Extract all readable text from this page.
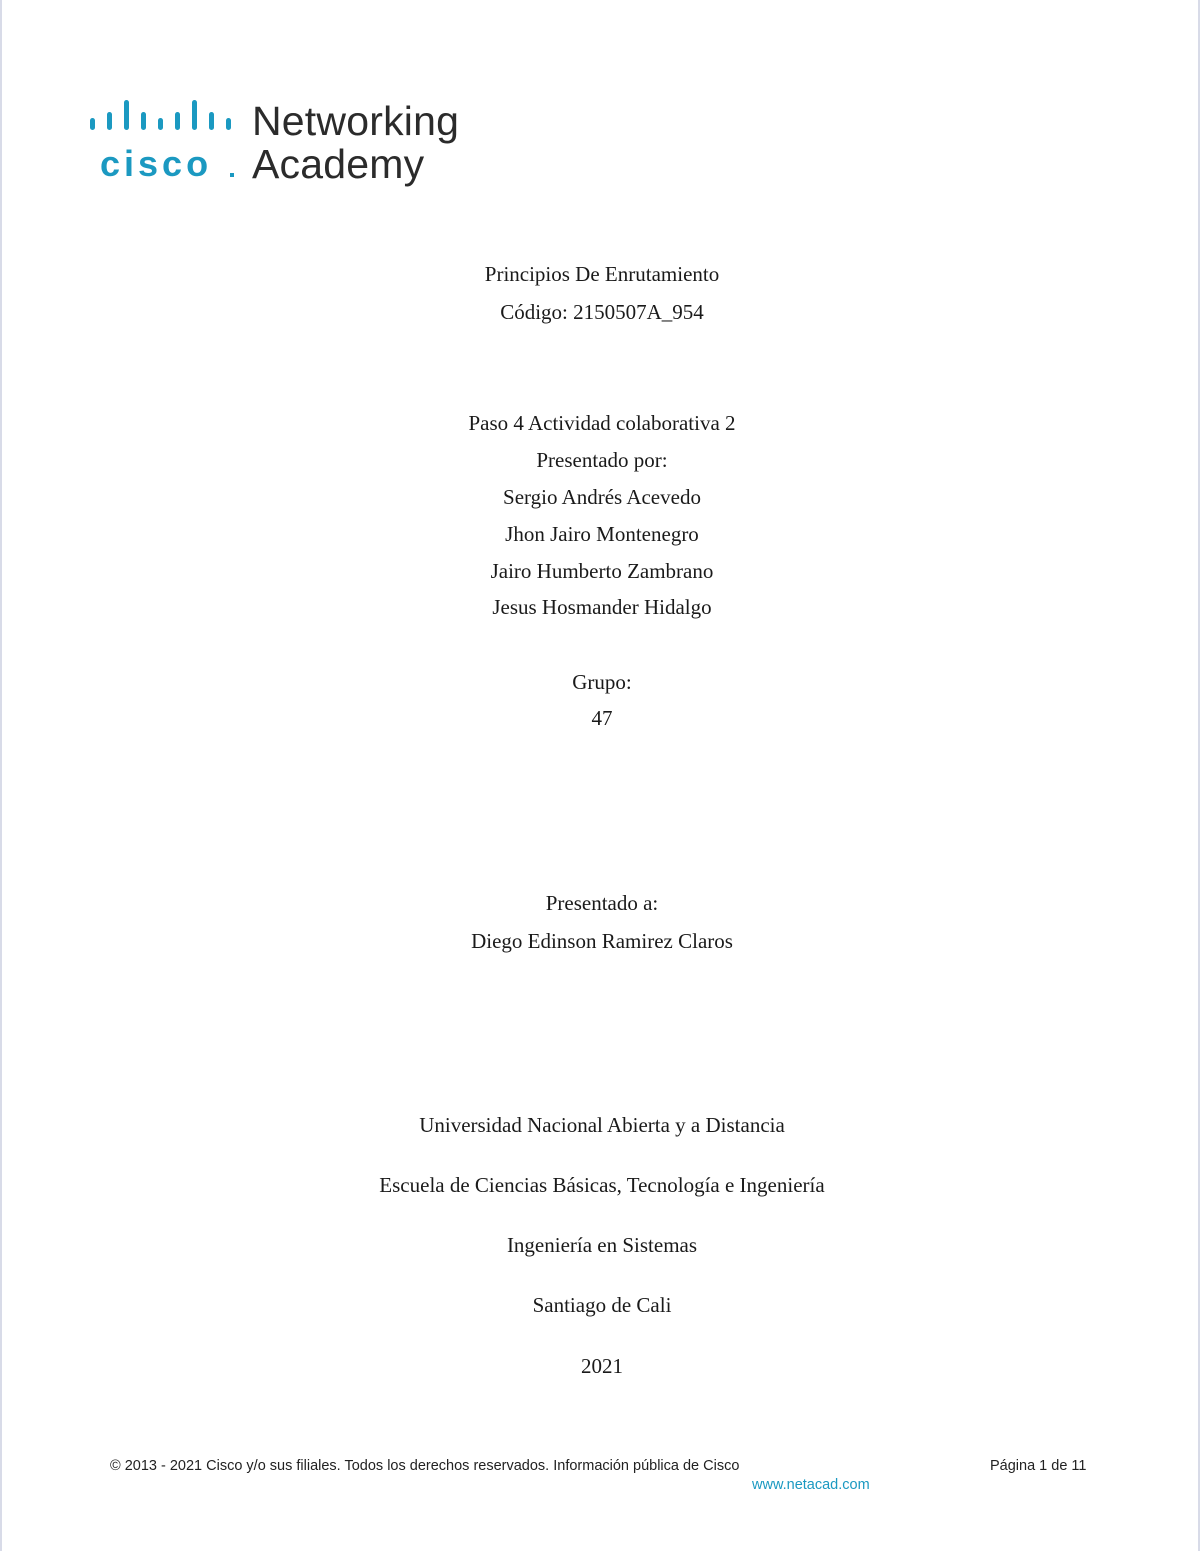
cisco
Networking
Academy
Principios De Enrutamiento
Código: 2150507A_954
Paso 4 Actividad colaborativa 2
Presentado por:
Sergio Andrés Acevedo
Jhon Jairo Montenegro
Jairo Humberto Zambrano
Jesus Hosmander Hidalgo
Grupo:
47
Presentado a:
Diego Edinson Ramirez Claros
Universidad Nacional Abierta y a Distancia
Escuela de Ciencias Básicas, Tecnología e Ingeniería
Ingeniería en Sistemas
Santiago de Cali
2021
© 2013 - 2021 Cisco y/o sus filiales. Todos los derechos reservados. Información pública de Cisco	Página 1 de 11
www.netacad.com
